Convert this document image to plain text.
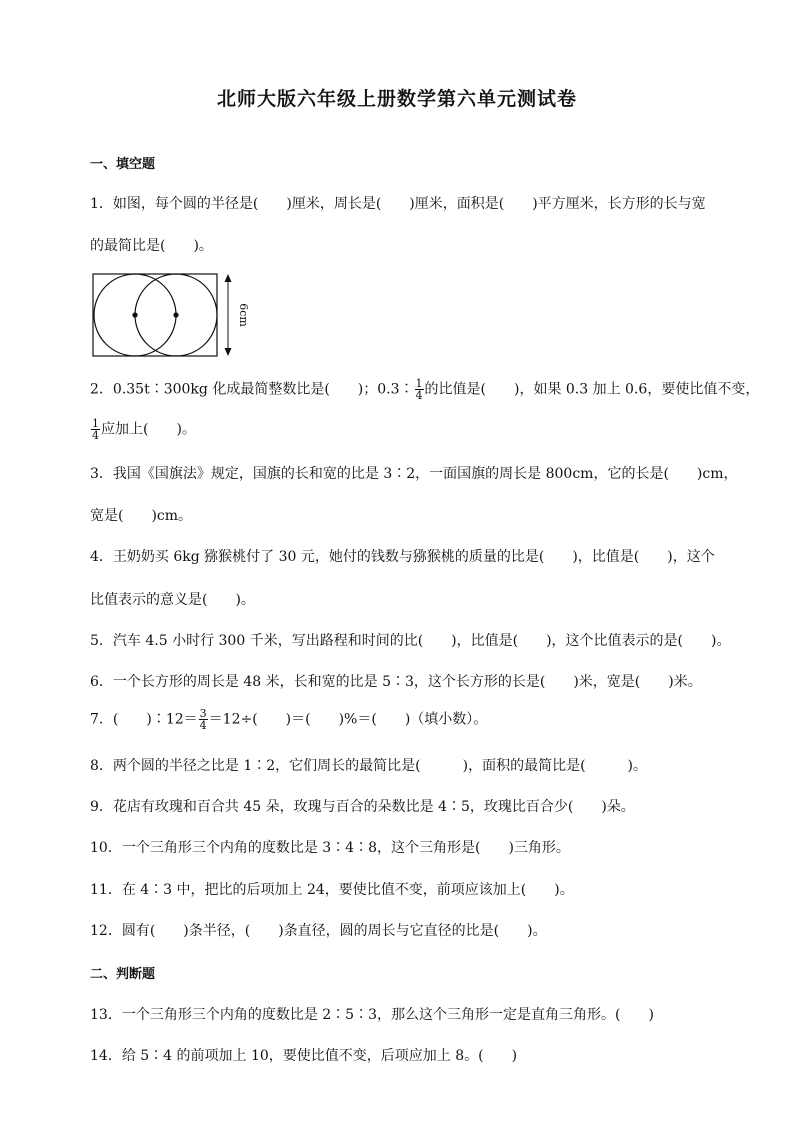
北师大版六年级上册数学第六单元测试卷
一、填空题
1．如图，每个圆的半径是(　　)厘米，周长是(　　)厘米，面积是(　　)平方厘米，长方形的长与宽
的最简比是(　　)。
6cm
2．0.35t∶300kg 化成最简整数比是(　　)；0.3∶ $\frac{1}{4}$ 的比值是(　　)，如果 0.3 加上 0.6，要使比值不变，
$\frac{1}{4}$ 应加上(　　)。
3．我国《国旗法》规定，国旗的长和宽的比是 3∶2，一面国旗的周长是 800cm，它的长是(　　)cm，
宽是(　　)cm。
4．王奶奶买 6kg 猕猴桃付了 30 元，她付的钱数与猕猴桃的质量的比是(　　)，比值是(　　)，这个
比值表示的意义是(　　)。
5．汽车 4.5 小时行 300 千米，写出路程和时间的比(　　)，比值是(　　)，这个比值表示的是(　　)。
6．一个长方形的周长是 48 米，长和宽的比是 5∶3，这个长方形的长是(　　)米，宽是(　　)米。
7．(　　)∶12＝ $\frac{3}{4} =12\div$(　　)＝(　　)%＝(　　)（填小数）。
8．两个圆的半径之比是 1∶2，它们周长的最简比是(　　　)，面积的最简比是(　　　)。
9．花店有玫瑰和百合共 45 朵，玫瑰与百合的朵数比是 4∶5，玫瑰比百合少(　　)朵。
10．一个三角形三个内角的度数比是 3∶4∶8，这个三角形是(　　)三角形。
11．在 4∶3 中，把比的后项加上 24，要使比值不变，前项应该加上(　　)。
12．圆有(　　)条半径，(　　)条直径，圆的周长与它直径的比是(　　)。
二、判断题
13．一个三角形三个内角的度数比是 2∶5∶3，那么这个三角形一定是直角三角形。(　　)
14．给 5∶4 的前项加上 10，要使比值不变，后项应加上 8。(　　)
